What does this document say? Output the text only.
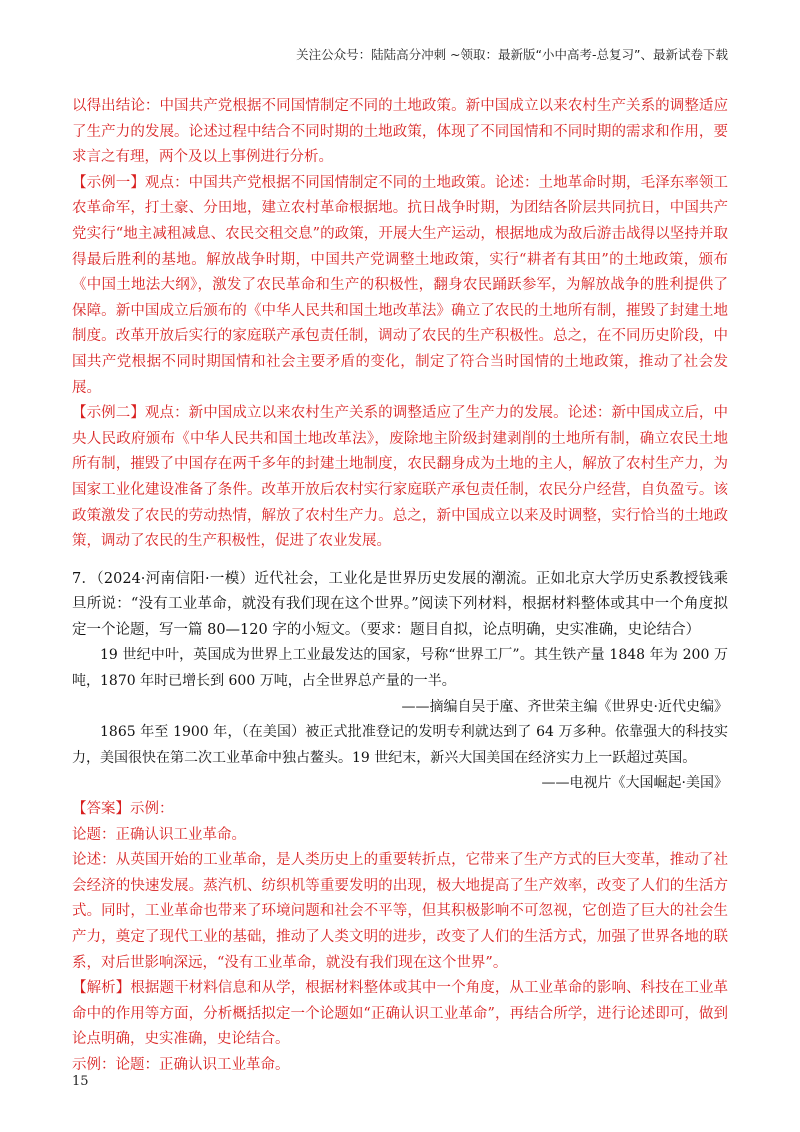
关注公众号：陆陆高分冲刺 ~领取：最新版“小中高考-总复习”、最新试卷下载

以得出结论：中国共产党根据不同国情制定不同的土地政策。新中国成立以来农村生产关系的调整适应了生产力的发展。论述过程中结合不同时期的土地政策，体现了不同国情和不同时期的需求和作用，要求言之有理，两个及以上事例进行分析。

【示例一】观点：中国共产党根据不同国情制定不同的土地政策。论述：土地革命时期，毛泽东率领工农革命军，打土豪、分田地，建立农村革命根据地。抗日战争时期，为团结各阶层共同抗日，中国共产党实行“地主减租减息、农民交租交息”的政策，开展大生产运动，根据地成为敌后游击战得以坚持并取得最后胜利的基地。解放战争时期，中国共产党调整土地政策，实行“耕者有其田”的土地政策，颁布《中国土地法大纲》，激发了农民革命和生产的积极性，翻身农民踊跃参军，为解放战争的胜利提供了保障。新中国成立后颁布的《中华人民共和国土地改革法》确立了农民的土地所有制，摧毁了封建土地制度。改革开放后实行的家庭联产承包责任制，调动了农民的生产积极性。总之，在不同历史阶段，中国共产党根据不同时期国情和社会主要矛盾的变化，制定了符合当时国情的土地政策，推动了社会发展。

【示例二】观点：新中国成立以来农村生产关系的调整适应了生产力的发展。论述：新中国成立后，中央人民政府颁布《中华人民共和国土地改革法》，废除地主阶级封建剥削的土地所有制，确立农民土地所有制，摧毁了中国存在两千多年的封建土地制度，农民翻身成为土地的主人，解放了农村生产力，为国家工业化建设准备了条件。改革开放后农村实行家庭联产承包责任制，农民分户经营，自负盈亏。该政策激发了农民的劳动热情，解放了农村生产力。总之，新中国成立以来及时调整，实行恰当的土地政策，调动了农民的生产积极性，促进了农业发展。

7．（2024·河南信阳·一模）近代社会，工业化是世界历史发展的潮流。正如北京大学历史系教授钱乘旦所说：“没有工业革命，就没有我们现在这个世界。”阅读下列材料，根据材料整体或其中一个角度拟定一个论题，写一篇 80—120 字的小短文。（要求：题目自拟，论点明确，史实准确，史论结合）

19 世纪中叶，英国成为世界上工业最发达的国家，号称“世界工厂”。其生铁产量 1848 年为 200 万吨，1870 年时已增长到 600 万吨，占全世界总产量的一半。

——摘编自吴于廑、齐世荣主编《世界史·近代史编》

1865 年至 1900 年，（在美国）被正式批准登记的发明专利就达到了 64 万多种。依靠强大的科技实力，美国很快在第二次工业革命中独占鳌头。19 世纪末，新兴大国美国在经济实力上一跃超过英国。

——电视片《大国崛起·美国》

【答案】示例：

论题：正确认识工业革命。

论述：从英国开始的工业革命，是人类历史上的重要转折点，它带来了生产方式的巨大变革，推动了社会经济的快速发展。蒸汽机、纺织机等重要发明的出现，极大地提高了生产效率，改变了人们的生活方式。同时，工业革命也带来了环境问题和社会不平等，但其积极影响不可忽视，它创造了巨大的社会生产力，奠定了现代工业的基础，推动了人类文明的进步，改变了人们的生活方式，加强了世界各地的联系，对后世影响深远，“没有工业革命，就没有我们现在这个世界”。

【解析】根据题干材料信息和从学，根据材料整体或其中一个角度，从工业革命的影响、科技在工业革命中的作用等方面，分析概括拟定一个论题如“正确认识工业革命”，再结合所学，进行论述即可，做到论点明确，史实准确，史论结合。

示例：论题：正确认识工业革命。

15
